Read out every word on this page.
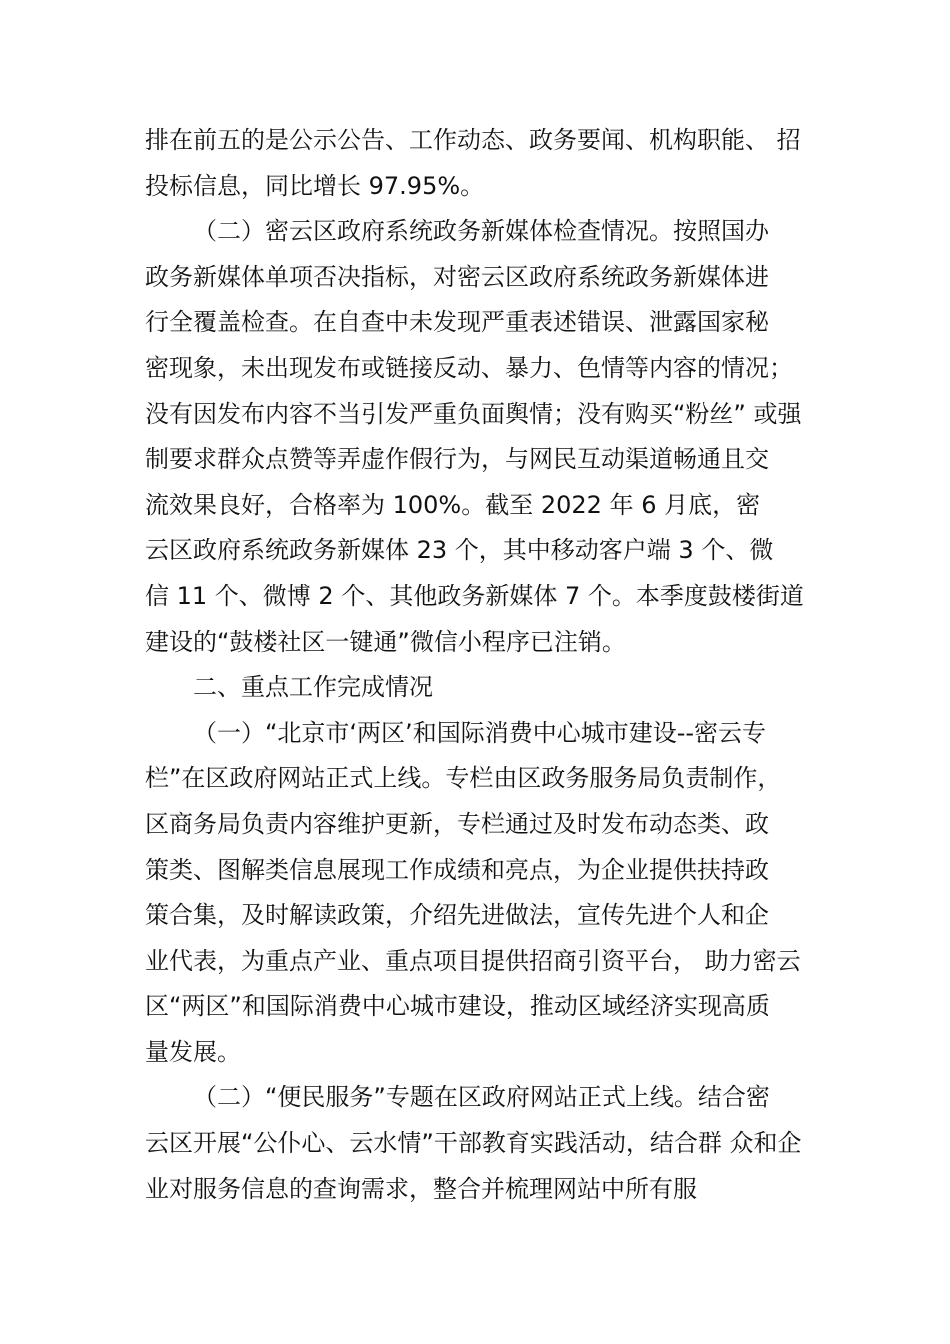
排在前五的是公示公告、工作动态、政务要闻、机构职能、 招
投标信息，同比增长 97.95%。
（二）密云区政府系统政务新媒体检查情况。按照国办
政务新媒体单项否决指标，对密云区政府系统政务新媒体进
行全覆盖检查。在自查中未发现严重表述错误、泄露国家秘
密现象，未出现发布或链接反动、暴力、色情等内容的情况；
没有因发布内容不当引发严重负面舆情；没有购买“粉丝” 或强
制要求群众点赞等弄虚作假行为，与网民互动渠道畅通且交
流效果良好，合格率为 100%。截至 2022 年 6 月底，密
云区政府系统政务新媒体 23 个，其中移动客户端 3 个、微
信 11 个、微博 2 个、其他政务新媒体 7 个。本季度鼓楼街道
建设的“鼓楼社区一键通”微信小程序已注销。
二、重点工作完成情况
（一）“北京市‘两区’和国际消费中心城市建设--密云专
栏”在区政府网站正式上线。专栏由区政务服务局负责制作，
区商务局负责内容维护更新，专栏通过及时发布动态类、政
策类、图解类信息展现工作成绩和亮点，为企业提供扶持政
策合集，及时解读政策，介绍先进做法，宣传先进个人和企
业代表，为重点产业、重点项目提供招商引资平台， 助力密云
区“两区”和国际消费中心城市建设，推动区域经济实现高质
量发展。
（二）“便民服务”专题在区政府网站正式上线。结合密
云区开展“公仆心、云水情”干部教育实践活动，结合群 众和企
业对服务信息的查询需求，整合并梳理网站中所有服
